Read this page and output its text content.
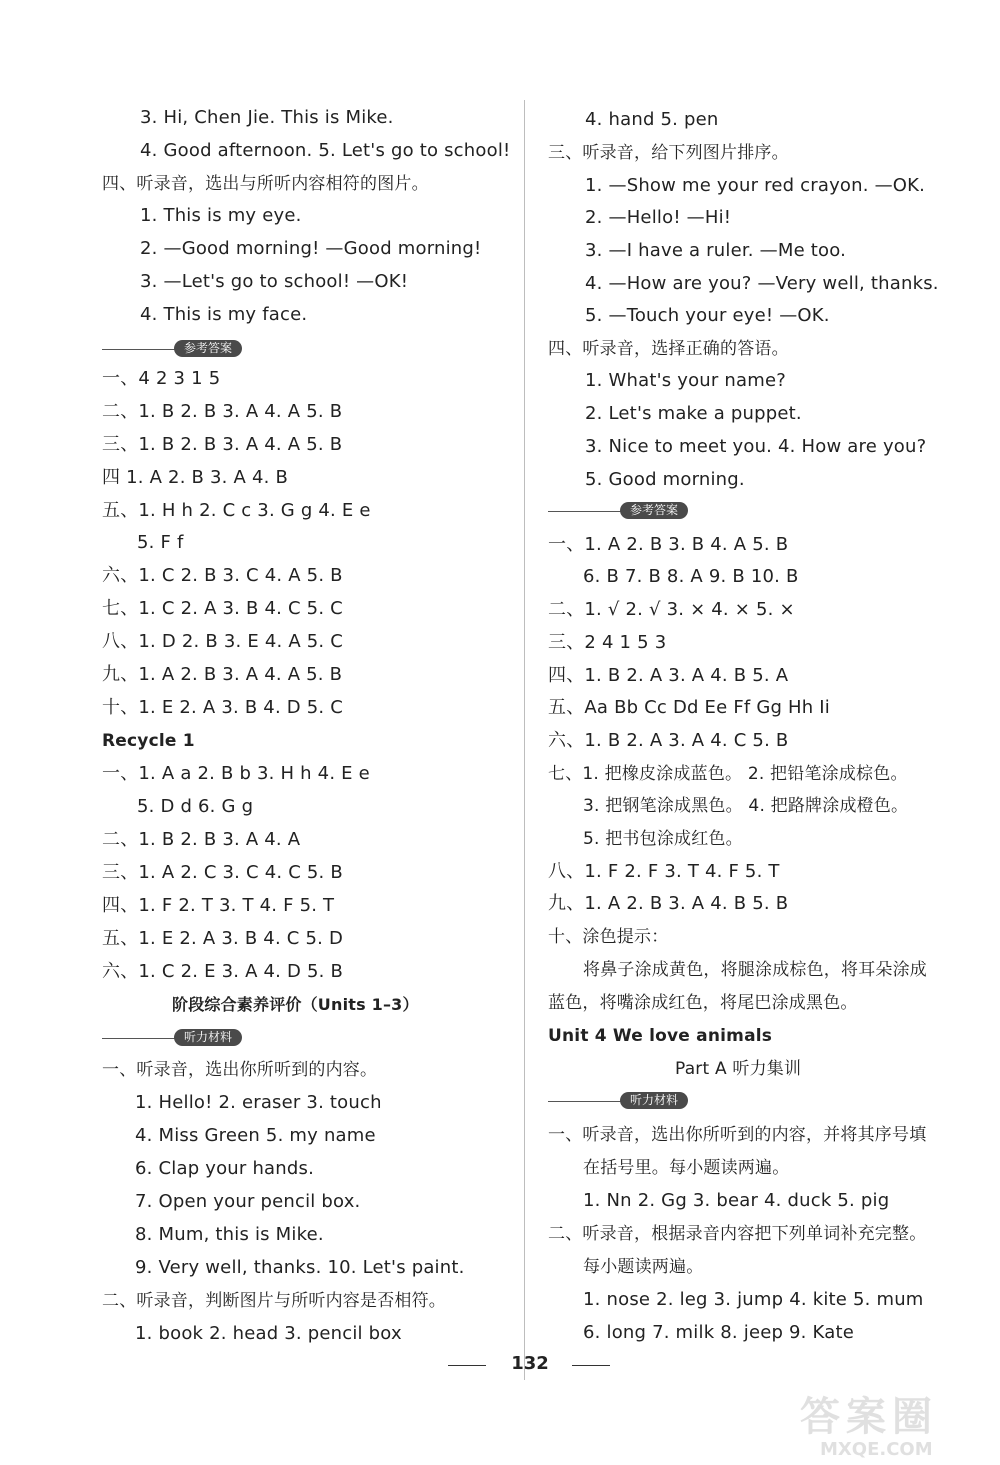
3. Hi, Chen Jie. This is Mike.
4. Good afternoon. 5. Let's go to school!
四、听录音，选出与所听内容相符的图片。
1. This is my eye.
2. —Good morning! —Good morning!
3. —Let's go to school! —OK!
4. This is my face.
参考答案
一、4 2 3 1 5
二、1. B 2. B 3. A 4. A 5. B
三、1. B 2. B 3. A 4. A 5. B
四 1. A 2. B 3. A 4. B
五、1. H h 2. C c 3. G g 4. E e
5. F f
六、1. C 2. B 3. C 4. A 5. B
七、1. C 2. A 3. B 4. C 5. C
八、1. D 2. B 3. E 4. A 5. C
九、1. A 2. B 3. A 4. A 5. B
十、1. E 2. A 3. B 4. D 5. C
Recycle 1
一、1. A a 2. B b 3. H h 4. E e
5. D d 6. G g
二、1. B 2. B 3. A 4. A
三、1. A 2. C 3. C 4. C 5. B
四、1. F 2. T 3. T 4. F 5. T
五、1. E 2. A 3. B 4. C 5. D
六、1. C 2. E 3. A 4. D 5. B
阶段综合素养评价（Units 1–3）
听力材料
一、听录音，选出你所听到的内容。
1. Hello! 2. eraser 3. touch
4. Miss Green 5. my name
6. Clap your hands.
7. Open your pencil box.
8. Mum, this is Mike.
9. Very well, thanks. 10. Let's paint.
二、听录音，判断图片与所听内容是否相符。
1. book 2. head 3. pencil box
4. hand 5. pen
三、听录音，给下列图片排序。
1. —Show me your red crayon. —OK.
2. —Hello! —Hi!
3. —I have a ruler. —Me too.
4. —How are you? —Very well, thanks.
5. —Touch your eye! —OK.
四、听录音，选择正确的答语。
1. What's your name?
2. Let's make a puppet.
3. Nice to meet you. 4. How are you?
5. Good morning.
参考答案
一、1. A 2. B 3. B 4. A 5. B
6. B 7. B 8. A 9. B 10. B
二、1. √ 2. √ 3. × 4. × 5. ×
三、2 4 1 5 3
四、1. B 2. A 3. A 4. B 5. A
五、Aa Bb Cc Dd Ee Ff Gg Hh Ii
六、1. B 2. A 3. A 4. C 5. B
七、1. 把橡皮涂成蓝色。 2. 把铅笔涂成棕色。
3. 把钢笔涂成黑色。 4. 把路牌涂成橙色。
5. 把书包涂成红色。
八、1. F 2. F 3. T 4. F 5. T
九、1. A 2. B 3. A 4. B 5. B
十、涂色提示：
将鼻子涂成黄色，将腿涂成棕色，将耳朵涂成
蓝色，将嘴涂成红色，将尾巴涂成黑色。
Unit 4 We love animals
Part A 听力集训
听力材料
一、听录音，选出你所听到的内容，并将其序号填
在括号里。每小题读两遍。
1. Nn 2. Gg 3. bear 4. duck 5. pig
二、听录音，根据录音内容把下列单词补充完整。
每小题读两遍。
1. nose 2. leg 3. jump 4. kite 5. mum
6. long 7. milk 8. jeep 9. Kate
132
答案圈
MXQE.COM
